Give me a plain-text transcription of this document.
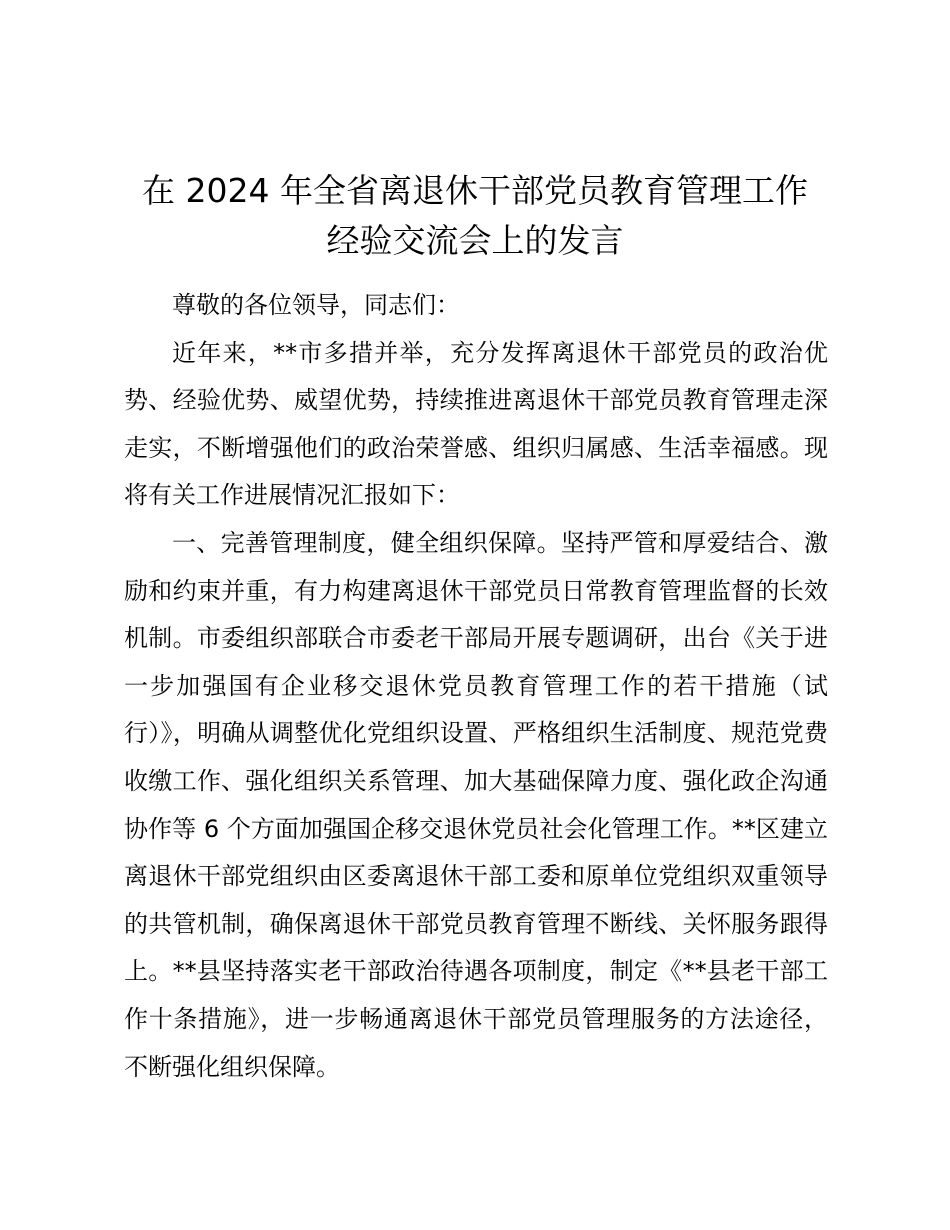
在 2024 年全省离退休干部党员教育管理工作
经验交流会上的发言

尊敬的各位领导，同志们：

近年来，**市多措并举，充分发挥离退休干部党员的政治优势、经验优势、威望优势，持续推进离退休干部党员教育管理走深走实，不断增强他们的政治荣誉感、组织归属感、生活幸福感。现将有关工作进展情况汇报如下：

一、完善管理制度，健全组织保障。坚持严管和厚爱结合、激励和约束并重，有力构建离退休干部党员日常教育管理监督的长效机制。市委组织部联合市委老干部局开展专题调研，出台《关于进一步加强国有企业移交退休党员教育管理工作的若干措施（试行）》，明确从调整优化党组织设置、严格组织生活制度、规范党费收缴工作、强化组织关系管理、加大基础保障力度、强化政企沟通协作等 6 个方面加强国企移交退休党员社会化管理工作。**区建立离退休干部党组织由区委离退休干部工委和原单位党组织双重领导的共管机制，确保离退休干部党员教育管理不断线、关怀服务跟得上。**县坚持落实老干部政治待遇各项制度，制定《**县老干部工作十条措施》，进一步畅通离退休干部党员管理服务的方法途径，不断强化组织保障。
